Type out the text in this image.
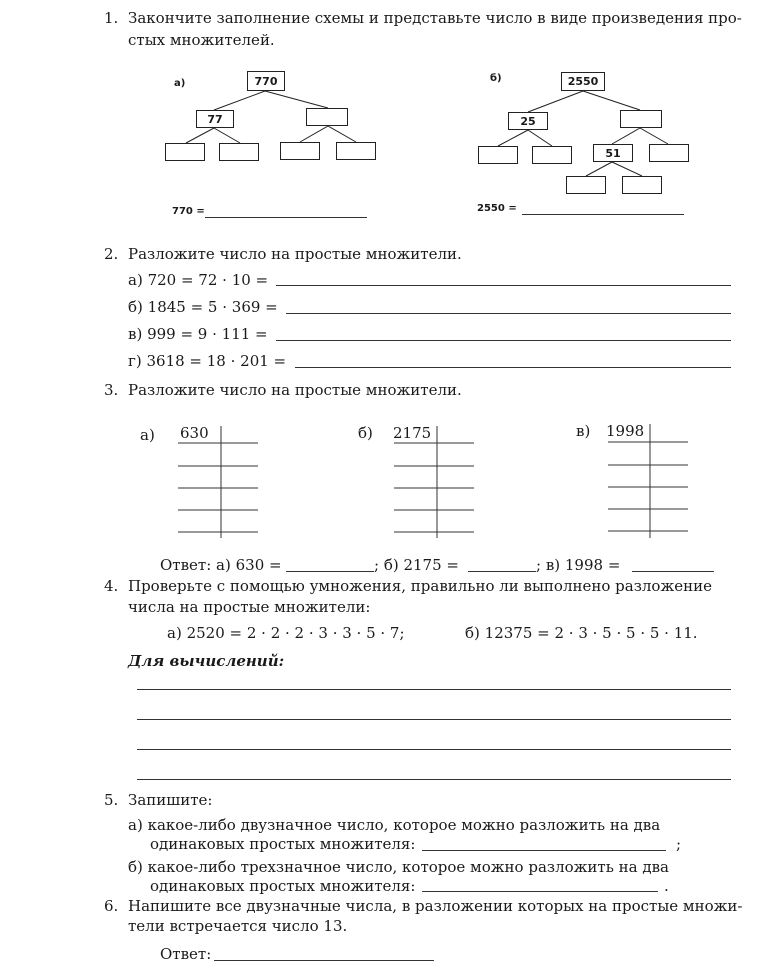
1. Закончите заполнение схемы и представьте число в виде произведения про-
стых множителей.
а)	770
77
770 =
б)	2550
25
51
2550 =
2. Разложите число на простые множители.
а) 720 = 72 · 10 =
б) 1845 = 5 · 369 =
в) 999 = 9 · 111 =
г) 3618 = 18 · 201 =
3. Разложите число на простые множители.
а) 630	б) 2175	в) 1998
Ответ: а) 630 =	; б) 2175 =	; в) 1998 =
4. Проверьте с помощью умножения, правильно ли выполнено разложение
числа на простые множители:
а) 2520 = 2 · 2 · 2 · 3 · 3 · 5 · 7;	б) 12375 = 2 · 3 · 5 · 5 · 5 · 11.
Для вычислений:
5. Запишите:
а) какое-либо двузначное число, которое можно разложить на два
одинаковых простых множителя:	;
б) какое-либо трехзначное число, которое можно разложить на два
одинаковых простых множителя:	.
6. Напишите все двузначные числа, в разложении которых на простые множи-
тели встречается число 13.
Ответ:
